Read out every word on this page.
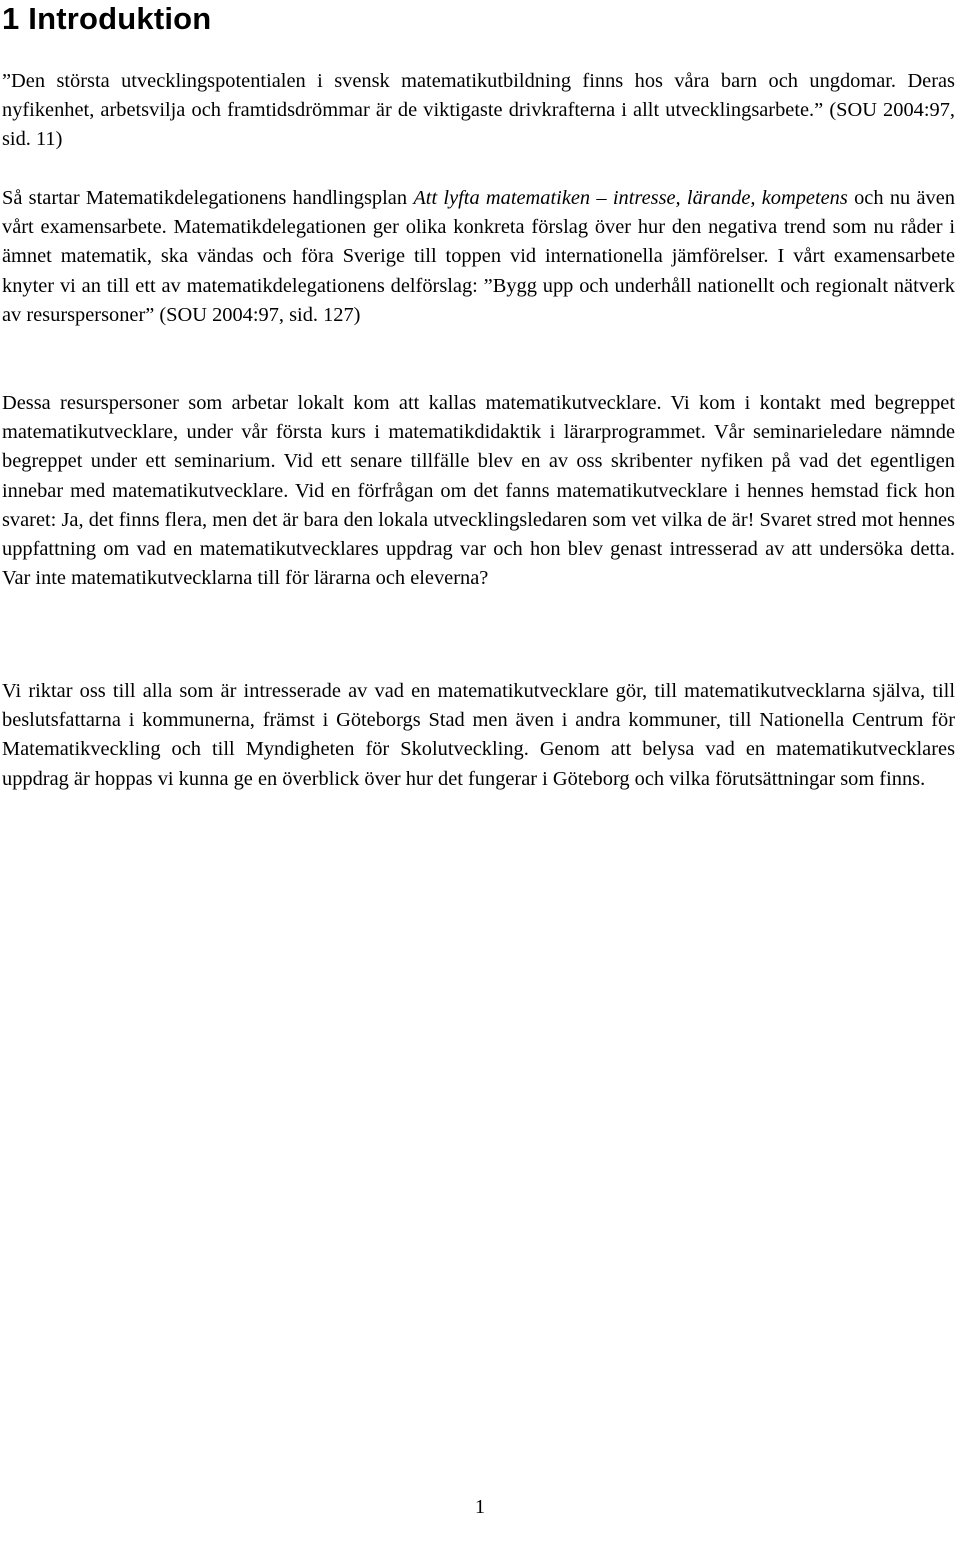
1 Introduktion

”Den största utvecklingspotentialen i svensk matematikutbildning finns hos våra barn och ungdomar. Deras nyfikenhet, arbetsvilja och framtidsdrömmar är de viktigaste drivkrafterna i allt utvecklingsarbete.” (SOU 2004:97, sid. 11)

Så startar Matematikdelegationens handlingsplan Att lyfta matematiken – intresse, lärande, kompetens och nu även vårt examensarbete. Matematikdelegationen ger olika konkreta förslag över hur den negativa trend som nu råder i ämnet matematik, ska vändas och föra Sverige till toppen vid internationella jämförelser. I vårt examensarbete knyter vi an till ett av matematikdelegationens delförslag: ”Bygg upp och underhåll nationellt och regionalt nätverk av resurspersoner” (SOU 2004:97, sid. 127)

Dessa resurspersoner som arbetar lokalt kom att kallas matematikutvecklare. Vi kom i kontakt med begreppet matematikutvecklare, under vår första kurs i matematikdidaktik i lärarprogrammet. Vår seminarieledare nämnde begreppet under ett seminarium. Vid ett senare tillfälle blev en av oss skribenter nyfiken på vad det egentligen innebar med matematikutvecklare. Vid en förfrågan om det fanns matematikutvecklare i hennes hemstad fick hon svaret: Ja, det finns flera, men det är bara den lokala utvecklingsledaren som vet vilka de är! Svaret stred mot hennes uppfattning om vad en matematikutvecklares uppdrag var och hon blev genast intresserad av att undersöka detta. Var inte matematikutvecklarna till för lärarna och eleverna?

Vi riktar oss till alla som är intresserade av vad en matematikutvecklare gör, till matematikutvecklarna själva, till beslutsfattarna i kommunerna, främst i Göteborgs Stad men även i andra kommuner, till Nationella Centrum för Matematikveckling och till Myndigheten för Skolutveckling. Genom att belysa vad en matematikutvecklares uppdrag är hoppas vi kunna ge en överblick över hur det fungerar i Göteborg och vilka förutsättningar som finns.

1
